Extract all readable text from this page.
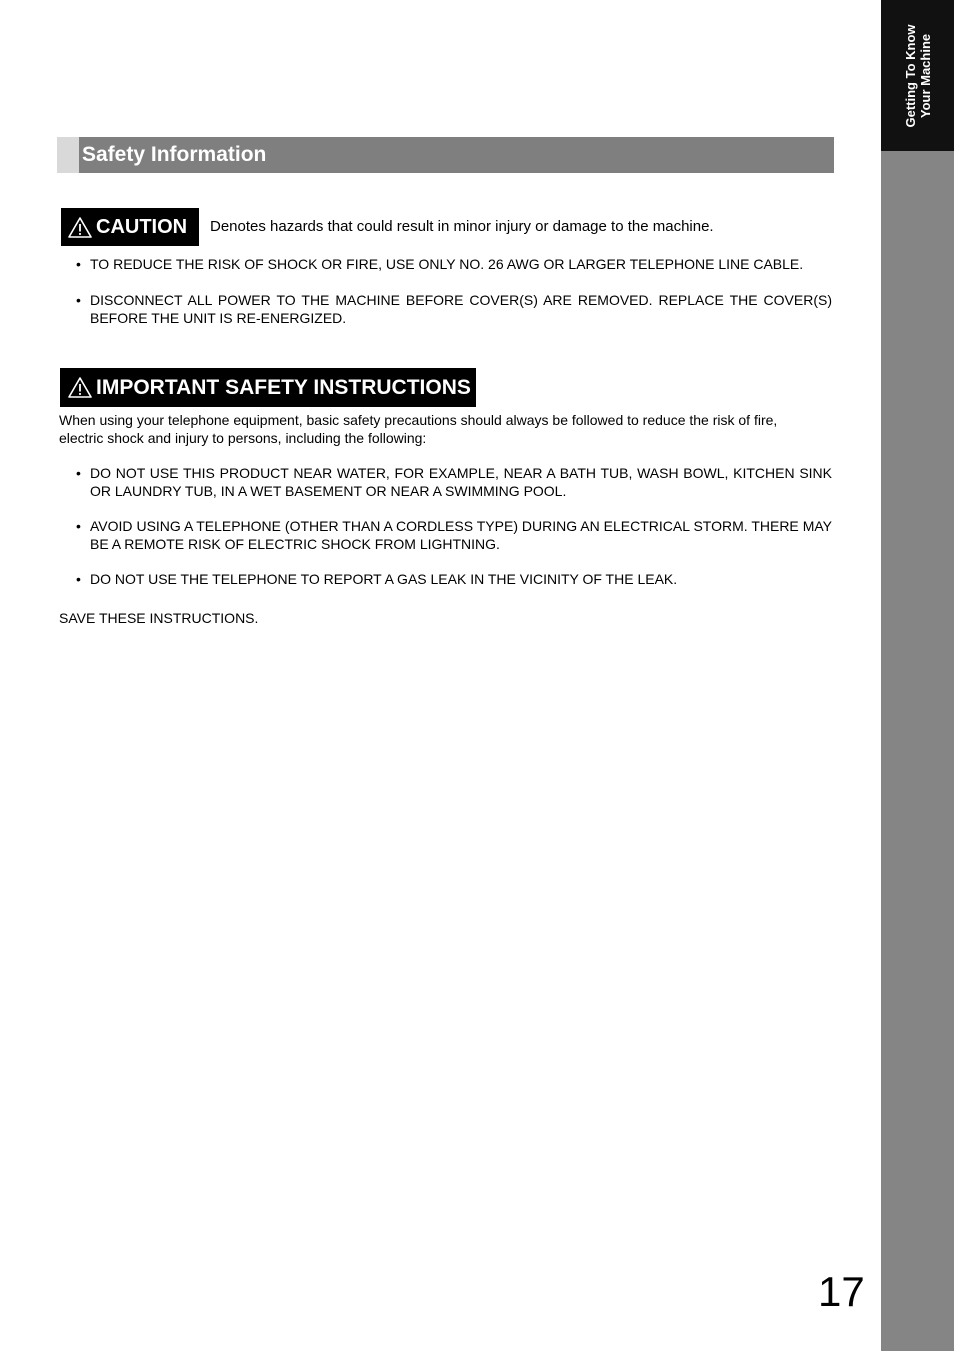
Getting To Know Your Machine
Safety Information
CAUTION Denotes hazards that could result in minor injury or damage to the machine.
• TO REDUCE THE RISK OF SHOCK OR FIRE, USE ONLY NO. 26 AWG OR LARGER TELEPHONE LINE CABLE.
• DISCONNECT ALL POWER TO THE MACHINE BEFORE COVER(S) ARE REMOVED. REPLACE THE COVER(S) BEFORE THE UNIT IS RE-ENERGIZED.
IMPORTANT SAFETY INSTRUCTIONS
When using your telephone equipment, basic safety precautions should always be followed to reduce the risk of fire, electric shock and injury to persons, including the following:
• DO NOT USE THIS PRODUCT NEAR WATER, FOR EXAMPLE, NEAR A BATH TUB, WASH BOWL, KITCHEN SINK OR LAUNDRY TUB, IN A WET BASEMENT OR NEAR A SWIMMING POOL.
• AVOID USING A TELEPHONE (OTHER THAN A CORDLESS TYPE) DURING AN ELECTRICAL STORM. THERE MAY BE A REMOTE RISK OF ELECTRIC SHOCK FROM LIGHTNING.
• DO NOT USE THE TELEPHONE TO REPORT A GAS LEAK IN THE VICINITY OF THE LEAK.
SAVE THESE INSTRUCTIONS.
17
